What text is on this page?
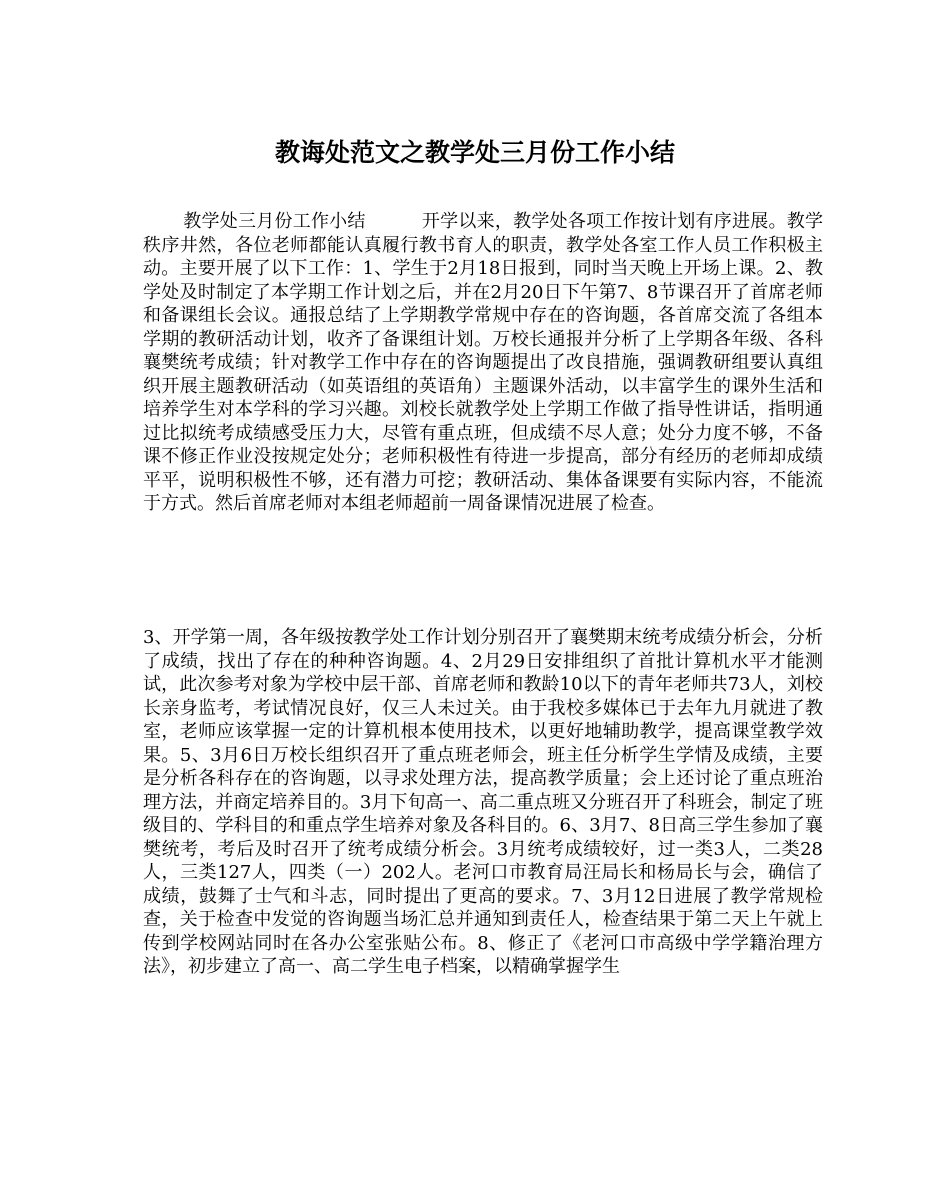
教诲处范文之教学处三月份工作小结

教学处三月份工作小结	开学以来，教学处各项工作按计划有序进展。教学秩序井然，各位老师都能认真履行教书育人的职责，教学处各室工作人员工作积极主动。主要开展了以下工作：1、学生于2月18日报到，同时当天晚上开场上课。2、教学处及时制定了本学期工作计划之后，并在2月20日下午第7、8节课召开了首席老师和备课组长会议。通报总结了上学期教学常规中存在的咨询题，各首席交流了各组本学期的教研活动计划，收齐了备课组计划。万校长通报并分析了上学期各年级、各科襄樊统考成绩；针对教学工作中存在的咨询题提出了改良措施，强调教研组要认真组织开展主题教研活动（如英语组的英语角）主题课外活动，以丰富学生的课外生活和培养学生对本学科的学习兴趣。刘校长就教学处上学期工作做了指导性讲话，指明通过比拟统考成绩感受压力大，尽管有重点班，但成绩不尽人意；处分力度不够，不备课不修正作业没按规定处分；老师积极性有待进一步提高，部分有经历的老师却成绩平平，说明积极性不够，还有潜力可挖；教研活动、集体备课要有实际内容，不能流于方式。然后首席老师对本组老师超前一周备课情况进展了检查。

3、开学第一周，各年级按教学处工作计划分别召开了襄樊期末统考成绩分析会，分析了成绩，找出了存在的种种咨询题。4、2月29日安排组织了首批计算机水平才能测试，此次参考对象为学校中层干部、首席老师和教龄10以下的青年老师共73人，刘校长亲身监考，考试情况良好，仅三人未过关。由于我校多媒体已于去年九月就进了教室，老师应该掌握一定的计算机根本使用技术，以更好地辅助教学，提高课堂教学效果。5、3月6日万校长组织召开了重点班老师会，班主任分析学生学情及成绩，主要是分析各科存在的咨询题，以寻求处理方法，提高教学质量；会上还讨论了重点班治理方法，并商定培养目的。3月下旬高一、高二重点班又分班召开了科班会，制定了班级目的、学科目的和重点学生培养对象及各科目的。6、3月7、8日高三学生参加了襄樊统考，考后及时召开了统考成绩分析会。3月统考成绩较好，过一类3人，二类28人，三类127人，四类（一）202人。老河口市教育局汪局长和杨局长与会，确信了成绩，鼓舞了士气和斗志，同时提出了更高的要求。7、3月12日进展了教学常规检查，关于检查中发觉的咨询题当场汇总并通知到责任人，检查结果于第二天上午就上传到学校网站同时在各办公室张贴公布。8、修正了《老河口市高级中学学籍治理方法》，初步建立了高一、高二学生电子档案，以精确掌握学生
